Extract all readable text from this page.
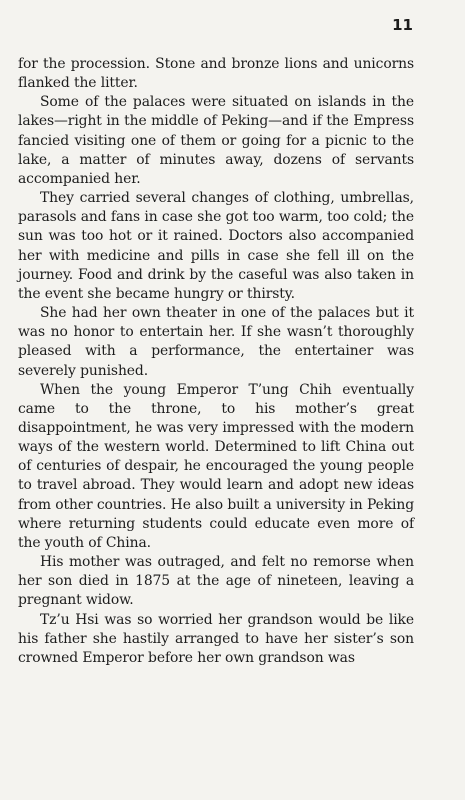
11

for the procession. Stone and bronze lions and unicorns flanked the litter.

Some of the palaces were situated on islands in the lakes—right in the middle of Peking—and if the Empress fancied visiting one of them or going for a picnic to the lake, a matter of minutes away, dozens of servants accompanied her.

They carried several changes of clothing, umbrellas, parasols and fans in case she got too warm, too cold; the sun was too hot or it rained. Doctors also accompanied her with medicine and pills in case she fell ill on the journey. Food and drink by the caseful was also taken in the event she became hungry or thirsty.

She had her own theater in one of the palaces but it was no honor to entertain her. If she wasn’t thoroughly pleased with a performance, the entertainer was severely punished.

When the young Emperor T’ung Chih eventually came to the throne, to his mother’s great disappointment, he was very impressed with the modern ways of the western world. Determined to lift China out of centuries of despair, he encouraged the young people to travel abroad. They would learn and adopt new ideas from other countries. He also built a university in Peking where returning students could educate even more of the youth of China.

His mother was outraged, and felt no remorse when her son died in 1875 at the age of nineteen, leaving a pregnant widow.

Tz’u Hsi was so worried her grandson would be like his father she hastily arranged to have her sister’s son crowned Emperor before her own grandson was
